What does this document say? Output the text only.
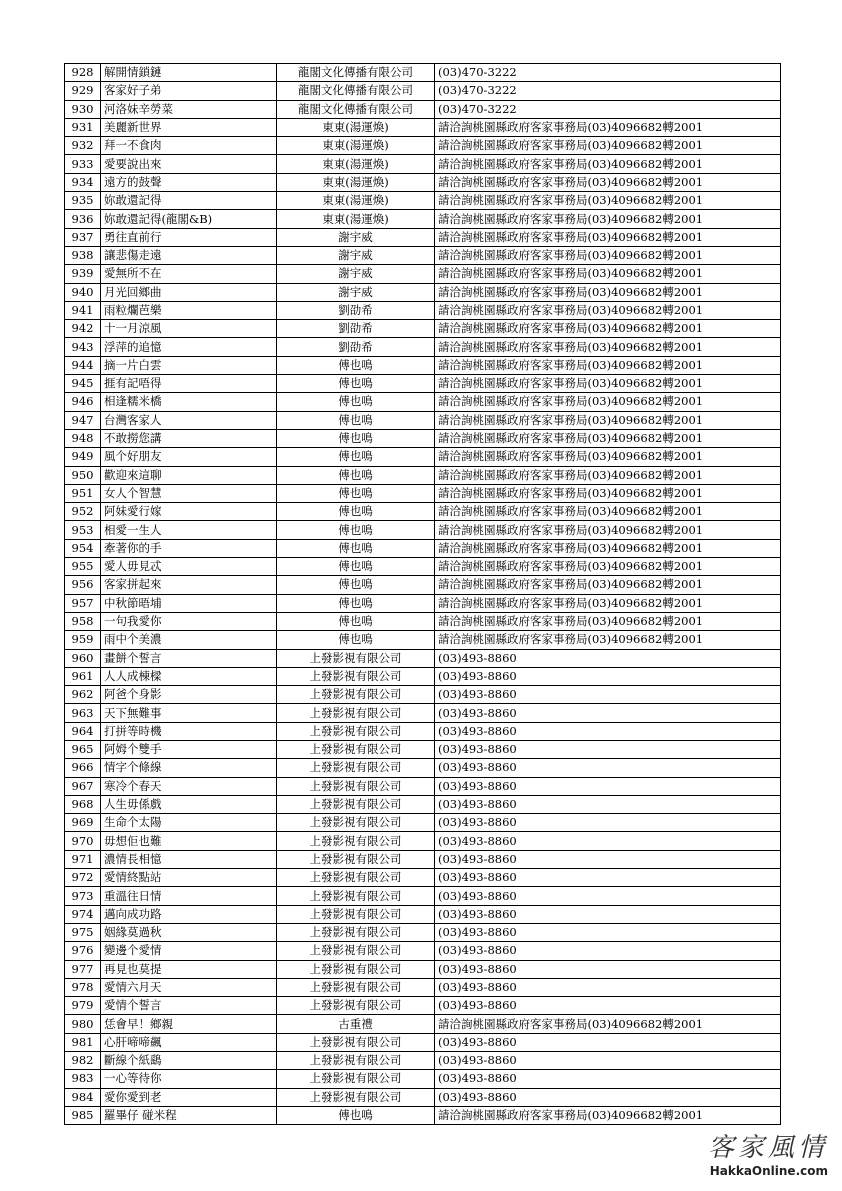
928	解開情鎖鏈	龍閣文化傳播有限公司	(03)470-3222
929	客家好子弟	龍閣文化傳播有限公司	(03)470-3222
930	河洛妹辛勞菜	龍閣文化傳播有限公司	(03)470-3222
931	美麗新世界	東東(湯運煥)	請洽詢桃園縣政府客家事務局(03)4096682轉2001
932	拜一不食肉	東東(湯運煥)	請洽詢桃園縣政府客家事務局(03)4096682轉2001
933	愛要說出來	東東(湯運煥)	請洽詢桃園縣政府客家事務局(03)4096682轉2001
934	遠方的鼓聲	東東(湯運煥)	請洽詢桃園縣政府客家事務局(03)4096682轉2001
935	妳敢還記得	東東(湯運煥)	請洽詢桃園縣政府客家事務局(03)4096682轉2001
936	妳敢還記得(龍閣&B)	東東(湯運煥)	請洽詢桃園縣政府客家事務局(03)4096682轉2001
937	勇往直前行	謝宇威	請洽詢桃園縣政府客家事務局(03)4096682轉2001
938	讓悲傷走遠	謝宇威	請洽詢桃園縣政府客家事務局(03)4096682轉2001
939	愛無所不在	謝宇威	請洽詢桃園縣政府客家事務局(03)4096682轉2001
940	月光回鄉曲	謝宇威	請洽詢桃園縣政府客家事務局(03)4096682轉2001
941	雨粒爛芭樂	劉劭希	請洽詢桃園縣政府客家事務局(03)4096682轉2001
942	十一月涼風	劉劭希	請洽詢桃園縣政府客家事務局(03)4096682轉2001
943	浮萍的追憶	劉劭希	請洽詢桃園縣政府客家事務局(03)4096682轉2001
944	摘一片白雲	傅也鳴	請洽詢桃園縣政府客家事務局(03)4096682轉2001
945	捱有記唔得	傅也鳴	請洽詢桃園縣政府客家事務局(03)4096682轉2001
946	相逢糯米橋	傅也鳴	請洽詢桃園縣政府客家事務局(03)4096682轉2001
947	台灣客家人	傅也鳴	請洽詢桃園縣政府客家事務局(03)4096682轉2001
948	不敢撈您講	傅也鳴	請洽詢桃園縣政府客家事務局(03)4096682轉2001
949	風个好朋友	傅也鳴	請洽詢桃園縣政府客家事務局(03)4096682轉2001
950	歡迎來這聊	傅也鳴	請洽詢桃園縣政府客家事務局(03)4096682轉2001
951	女人个智慧	傅也鳴	請洽詢桃園縣政府客家事務局(03)4096682轉2001
952	阿妹愛行嫁	傅也鳴	請洽詢桃園縣政府客家事務局(03)4096682轉2001
953	相愛一生人	傅也鳴	請洽詢桃園縣政府客家事務局(03)4096682轉2001
954	牽著你的手	傅也鳴	請洽詢桃園縣政府客家事務局(03)4096682轉2001
955	愛人毋見忒	傅也鳴	請洽詢桃園縣政府客家事務局(03)4096682轉2001
956	客家拼起來	傅也鳴	請洽詢桃園縣政府客家事務局(03)4096682轉2001
957	中秋節晤埔	傅也鳴	請洽詢桃園縣政府客家事務局(03)4096682轉2001
958	一句我愛你	傅也鳴	請洽詢桃園縣政府客家事務局(03)4096682轉2001
959	雨中个美濃	傅也鳴	請洽詢桃園縣政府客家事務局(03)4096682轉2001
960	畫餅个誓言	上發影視有限公司	(03)493-8860
961	人人成棟樑	上發影視有限公司	(03)493-8860
962	阿爸个身影	上發影視有限公司	(03)493-8860
963	天下無難事	上發影視有限公司	(03)493-8860
964	打拼等時機	上發影視有限公司	(03)493-8860
965	阿姆个雙手	上發影視有限公司	(03)493-8860
966	情字个條線	上發影視有限公司	(03)493-8860
967	寒冷个春天	上發影視有限公司	(03)493-8860
968	人生毋係戲	上發影視有限公司	(03)493-8860
969	生命个太陽	上發影視有限公司	(03)493-8860
970	毋想佢也難	上發影視有限公司	(03)493-8860
971	濃情長相憶	上發影視有限公司	(03)493-8860
972	愛情終點站	上發影視有限公司	(03)493-8860
973	重溫往日情	上發影視有限公司	(03)493-8860
974	邁向成功路	上發影視有限公司	(03)493-8860
975	姻緣莫過秋	上發影視有限公司	(03)493-8860
976	變邊个愛情	上發影視有限公司	(03)493-8860
977	再見也莫提	上發影視有限公司	(03)493-8860
978	愛情六月天	上發影視有限公司	(03)493-8860
979	愛情个誓言	上發影視有限公司	(03)493-8860
980	恁會早！鄉親	古重禮	請洽詢桃園縣政府客家事務局(03)4096682轉2001
981	心肝啼啼飆	上發影視有限公司	(03)493-8860
982	斷線个紙鷂	上發影視有限公司	(03)493-8860
983	一心等待你	上發影視有限公司	(03)493-8860
984	愛你愛到老	上發影視有限公司	(03)493-8860
985	羅畢仔 碰米程	傅也鳴	請洽詢桃園縣政府客家事務局(03)4096682轉2001
客家風情
HakkaOnline.com
